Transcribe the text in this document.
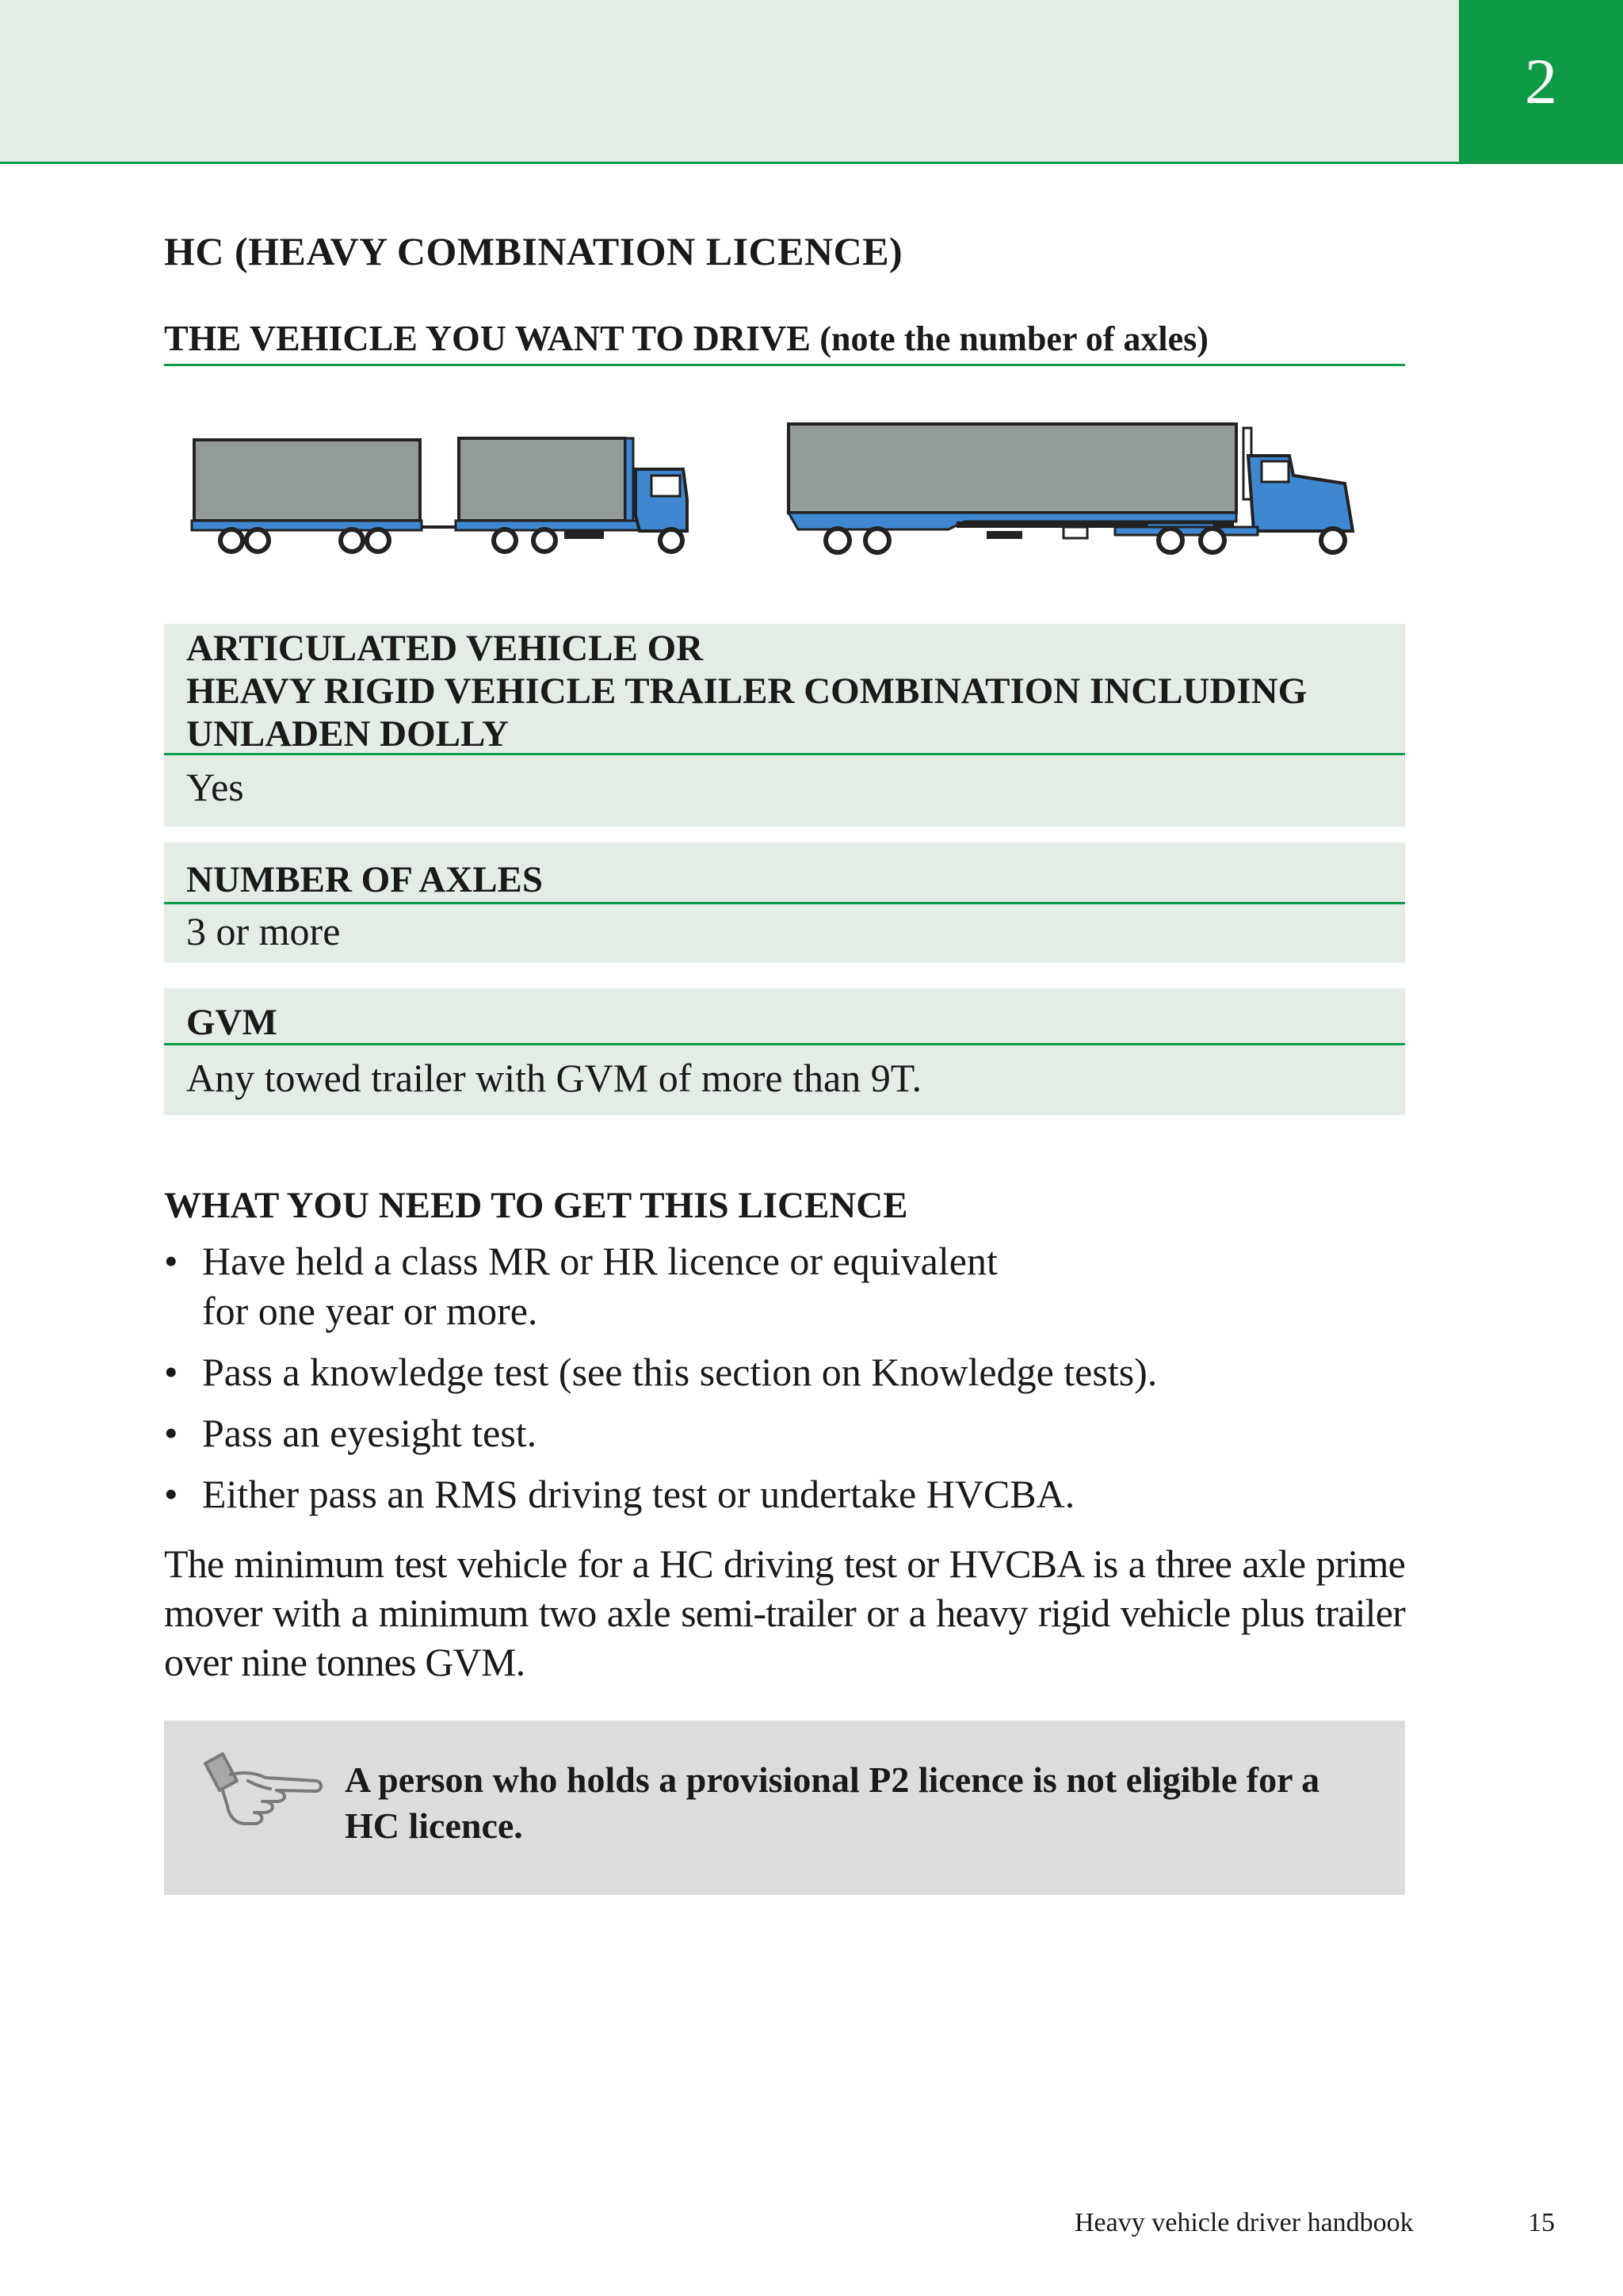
2
HC (HEAVY COMBINATION LICENCE)
THE VEHICLE YOU WANT TO DRIVE (note the number of axles)
ARTICULATED VEHICLE OR
HEAVY RIGID VEHICLE TRAILER COMBINATION INCLUDING UNLADEN DOLLY
Yes
NUMBER OF AXLES
3 or more
GVM
Any towed trailer with GVM of more than 9T.
WHAT YOU NEED TO GET THIS LICENCE
• Have held a class MR or HR licence or equivalent
for one year or more.
• Pass a knowledge test (see this section on Knowledge tests).
• Pass an eyesight test.
• Either pass an RMS driving test or undertake HVCBA.
The minimum test vehicle for a HC driving test or HVCBA is a three axle prime mover with a minimum two axle semi-trailer or a heavy rigid vehicle plus trailer over nine tonnes GVM.
A person who holds a provisional P2 licence is not eligible for a HC licence.
Heavy vehicle driver handbook	15
